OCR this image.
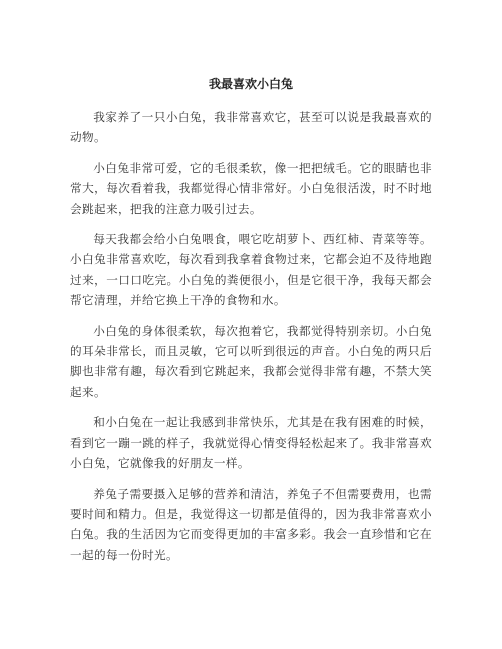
我最喜欢小白兔

我家养了一只小白兔，我非常喜欢它，甚至可以说是我最喜欢的动物。

小白兔非常可爱，它的毛很柔软，像一把把绒毛。它的眼睛也非常大，每次看着我，我都觉得心情非常好。小白兔很活泼，时不时地会跳起来，把我的注意力吸引过去。

每天我都会给小白兔喂食，喂它吃胡萝卜、西红柿、青菜等等。小白兔非常喜欢吃，每次看到我拿着食物过来，它都会迫不及待地跑过来，一口口吃完。小白兔的粪便很小，但是它很干净，我每天都会帮它清理，并给它换上干净的食物和水。

小白兔的身体很柔软，每次抱着它，我都觉得特别亲切。小白兔的耳朵非常长，而且灵敏，它可以听到很远的声音。小白兔的两只后脚也非常有趣，每次看到它跳起来，我都会觉得非常有趣，不禁大笑起来。

和小白兔在一起让我感到非常快乐，尤其是在我有困难的时候，看到它一蹦一跳的样子，我就觉得心情变得轻松起来了。我非常喜欢小白兔，它就像我的好朋友一样。

养兔子需要摄入足够的营养和清洁，养兔子不但需要费用，也需要时间和精力。但是，我觉得这一切都是值得的，因为我非常喜欢小白兔。我的生活因为它而变得更加的丰富多彩。我会一直珍惜和它在一起的每一份时光。
